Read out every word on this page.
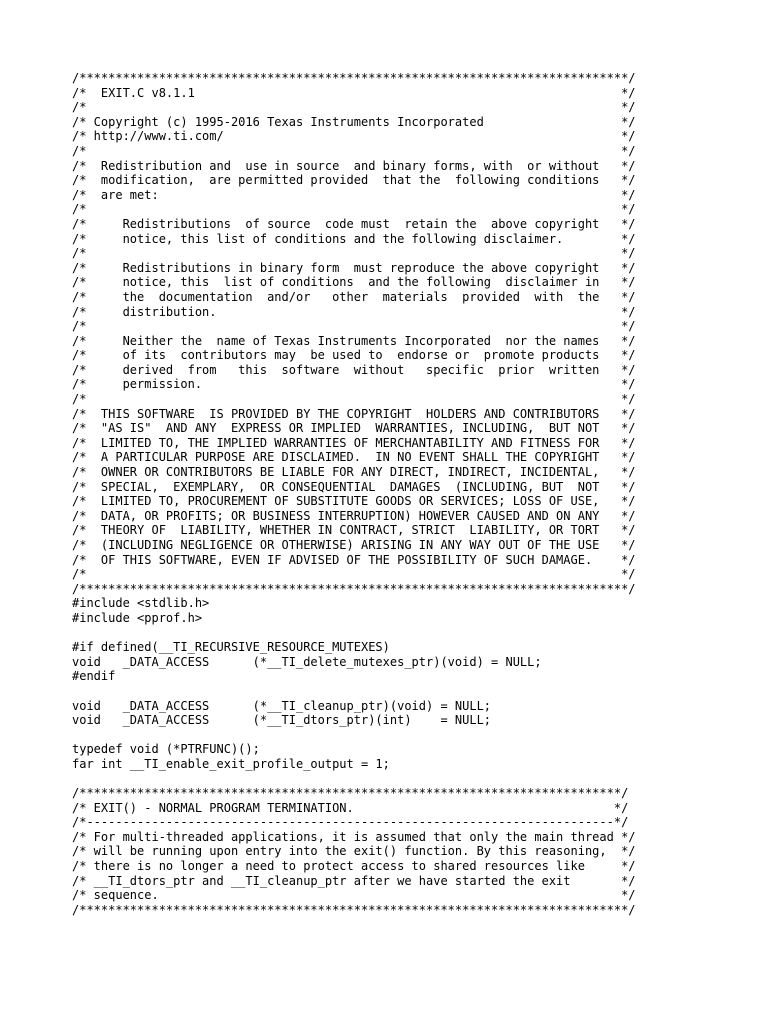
/****************************************************************************/
/*  EXIT.C v8.1.1                                                           */
/*                                                                          */
/* Copyright (c) 1995-2016 Texas Instruments Incorporated                   */
/* http://www.ti.com/                                                       */
/*                                                                          */
/*  Redistribution and  use in source  and binary forms, with  or without   */
/*  modification,  are permitted provided  that the  following conditions   */
/*  are met:                                                                */
/*                                                                          */
/*     Redistributions  of source  code must  retain the  above copyright   */
/*     notice, this list of conditions and the following disclaimer.        */
/*                                                                          */
/*     Redistributions in binary form  must reproduce the above copyright   */
/*     notice, this  list of conditions  and the following  disclaimer in   */
/*     the  documentation  and/or   other  materials  provided  with  the   */
/*     distribution.                                                        */
/*                                                                          */
/*     Neither the  name of Texas Instruments Incorporated  nor the names   */
/*     of its  contributors may  be used to  endorse or  promote products   */
/*     derived  from   this  software  without   specific  prior  written   */
/*     permission.                                                          */
/*                                                                          */
/*  THIS SOFTWARE  IS PROVIDED BY THE COPYRIGHT  HOLDERS AND CONTRIBUTORS   */
/*  "AS IS"  AND ANY  EXPRESS OR IMPLIED  WARRANTIES, INCLUDING,  BUT NOT   */
/*  LIMITED TO, THE IMPLIED WARRANTIES OF MERCHANTABILITY AND FITNESS FOR   */
/*  A PARTICULAR PURPOSE ARE DISCLAIMED.  IN NO EVENT SHALL THE COPYRIGHT   */
/*  OWNER OR CONTRIBUTORS BE LIABLE FOR ANY DIRECT, INDIRECT, INCIDENTAL,   */
/*  SPECIAL,  EXEMPLARY,  OR CONSEQUENTIAL  DAMAGES  (INCLUDING, BUT  NOT   */
/*  LIMITED TO, PROCUREMENT OF SUBSTITUTE GOODS OR SERVICES; LOSS OF USE,   */
/*  DATA, OR PROFITS; OR BUSINESS INTERRUPTION) HOWEVER CAUSED AND ON ANY   */
/*  THEORY OF  LIABILITY, WHETHER IN CONTRACT, STRICT  LIABILITY, OR TORT   */
/*  (INCLUDING NEGLIGENCE OR OTHERWISE) ARISING IN ANY WAY OUT OF THE USE   */
/*  OF THIS SOFTWARE, EVEN IF ADVISED OF THE POSSIBILITY OF SUCH DAMAGE.    */
/*                                                                          */
/****************************************************************************/
#include <stdlib.h>
#include <pprof.h>
#if defined(__TI_RECURSIVE_RESOURCE_MUTEXES)
void   _DATA_ACCESS      (*__TI_delete_mutexes_ptr)(void) = NULL;
#endif
void   _DATA_ACCESS      (*__TI_cleanup_ptr)(void) = NULL;
void   _DATA_ACCESS      (*__TI_dtors_ptr)(int)    = NULL;
typedef void (*PTRFUNC)();
far int __TI_enable_exit_profile_output = 1;
/***************************************************************************/
/* EXIT() - NORMAL PROGRAM TERMINATION.                                    */
/*-------------------------------------------------------------------------*/
/* For multi-threaded applications, it is assumed that only the main thread */
/* will be running upon entry into the exit() function. By this reasoning,  */
/* there is no longer a need to protect access to shared resources like     */
/* __TI_dtors_ptr and __TI_cleanup_ptr after we have started the exit       */
/* sequence.                                                                */
/****************************************************************************/
